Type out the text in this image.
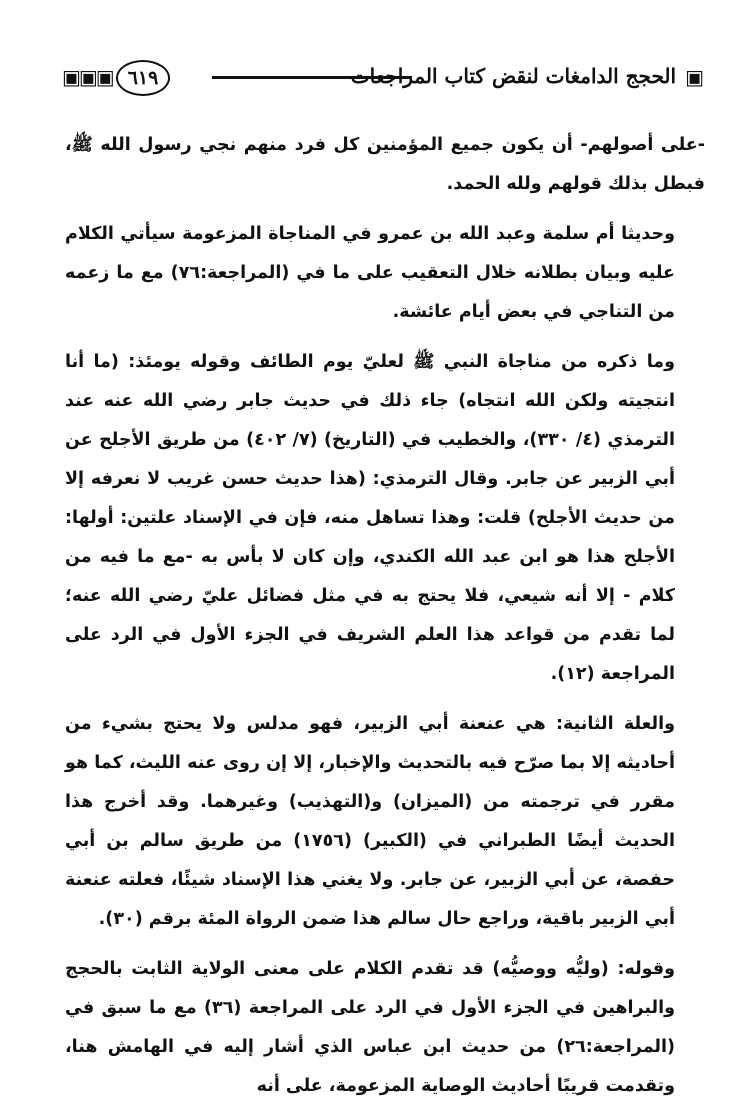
▣▣▣ ٦١٩	الحجج الدامغات لنقض كتاب المراجعات ▣

-على أصولهم- أن يكون جميع المؤمنين كل فرد منهم نجي رسول الله ﷺ، فبطل بذلك قولهم ولله الحمد.

وحديثا أم سلمة وعبد الله بن عمرو في المناجاة المزعومة سيأتي الكلام عليه وبيان بطلانه خلال التعقيب على ما في (المراجعة:٧٦) مع ما زعمه من التناجي في بعض أيام عائشة.

وما ذكره من مناجاة النبي ﷺ لعليّ يوم الطائف وقوله يومئذ: (ما أنا انتجيته ولكن الله انتجاه) جاء ذلك في حديث جابر رضي الله عنه عند الترمذي (٤/ ٣٣٠)، والخطيب في (التاريخ) (٧/ ٤٠٢) من طريق الأجلح عن أبي الزبير عن جابر. وقال الترمذي: (هذا حديث حسن غريب لا نعرفه إلا من حديث الأجلح) قلت: وهذا تساهل منه، فإن في الإسناد علتين: أولها: الأجلح هذا هو ابن عبد الله الكندي، وإن كان لا بأس به -مع ما فيه من كلام - إلا أنه شيعي، فلا يحتج به في مثل فضائل عليّ رضي الله عنه؛ لما تقدم من قواعد هذا العلم الشريف في الجزء الأول في الرد على المراجعة (١٢).

والعلة الثانية: هي عنعنة أبي الزبير، فهو مدلس ولا يحتج بشيء من أحاديثه إلا بما صرّح فيه بالتحديث والإخبار، إلا إن روى عنه الليث، كما هو مقرر في ترجمته من (الميزان) و(التهذيب) وغيرهما. وقد أخرج هذا الحديث أيضًا الطبراني في (الكبير) (١٧٥٦) من طريق سالم بن أبي حفصة، عن أبي الزبير، عن جابر. ولا يغني هذا الإسناد شيئًا، فعلته عنعنة أبي الزبير باقية، وراجع حال سالم هذا ضمن الرواة المئة برقم (٣٠).

وقوله: (وليُّه ووصيُّه) قد تقدم الكلام على معنى الولاية الثابت بالحجج والبراهين في الجزء الأول في الرد على المراجعة (٣٦) مع ما سبق في (المراجعة:٢٦) من حديث ابن عباس الذي أشار إليه في الهامش هنا، وتقدمت قريبًا أحاديث الوصاية المزعومة، على أنه
